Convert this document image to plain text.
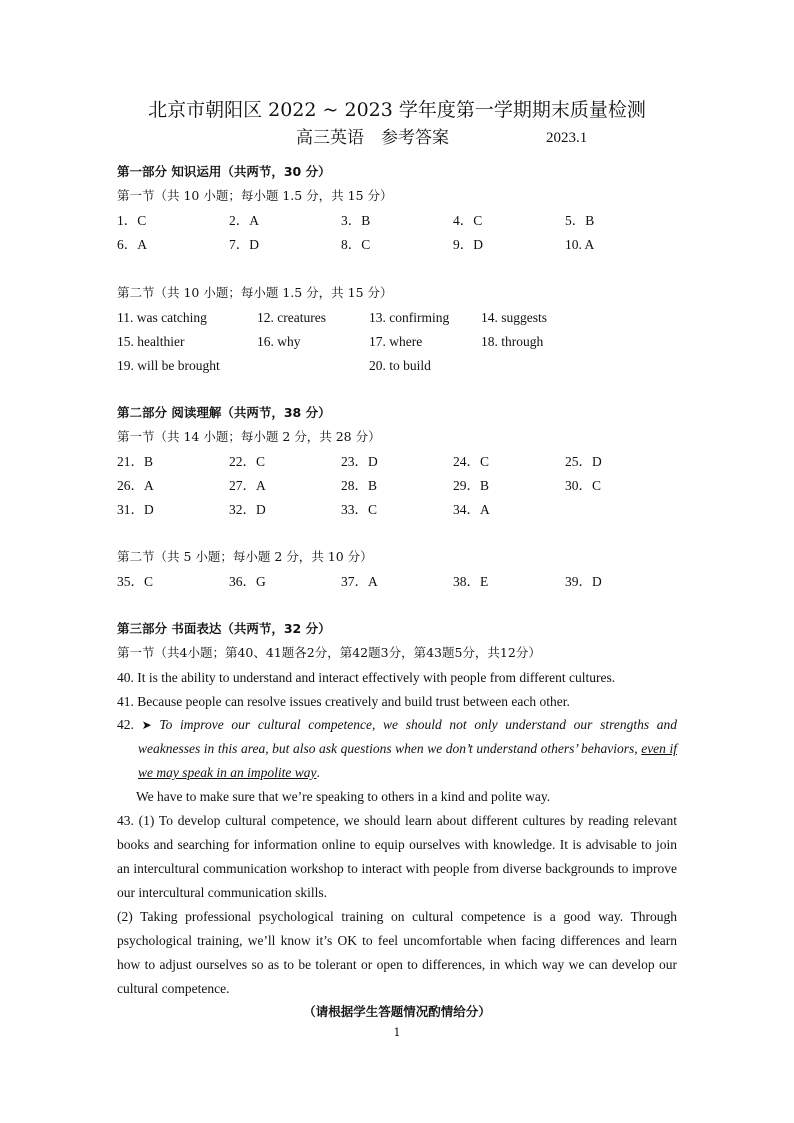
北京市朝阳区 2022 ~ 2023 学年度第一学期期末质量检测
高三英语　参考答案	2023.1
第一部分 知识运用（共两节，30 分）
第一节（共 10 小题；每小题 1.5 分，共 15 分）
1．C	2．A	3．B	4．C	5．B
6．A	7．D	8．C	9．D	10. A
第二节（共 10 小题；每小题 1.5 分，共 15 分）
11. was catching	12. creatures	13. confirming 14. suggests
15. healthier	16. why	17. where	18. through
19. will be brought	20. to build
第二部分 阅读理解（共两节，38 分）
第一节（共 14 小题；每小题 2 分，共 28 分）
21．B	22．C	23．D	24．C	25．D
26．A	27．A	28．B	29．B	30．C
31．D	32．D	33．C	34．A
第二节（共 5 小题；每小题 2 分，共 10 分）
35．C	36．G	37．A	38．E	39．D
第三部分 书面表达（共两节，32 分）
第一节（共4小题；第40、41题各2分，第42题3分，第43题5分，共12分）
40. It is the ability to understand and interact effectively with people from different cultures.
41. Because people can resolve issues creatively and build trust between each other.
42. ➤ To improve our cultural competence, we should not only understand our strengths and weaknesses in this area, but also ask questions when we don’t understand others’ behaviors, even if we may speak in an impolite way.
We have to make sure that we’re speaking to others in a kind and polite way.
43. (1) To develop cultural competence, we should learn about different cultures by reading relevant books and searching for information online to equip ourselves with knowledge. It is advisable to join an intercultural communication workshop to interact with people from diverse backgrounds to improve our intercultural communication skills.
(2) Taking professional psychological training on cultural competence is a good way. Through psychological training, we’ll know it’s OK to feel uncomfortable when facing differences and learn how to adjust ourselves so as to be tolerant or open to differences, in which way we can develop our cultural competence.
（请根据学生答题情况酌情给分）
1
